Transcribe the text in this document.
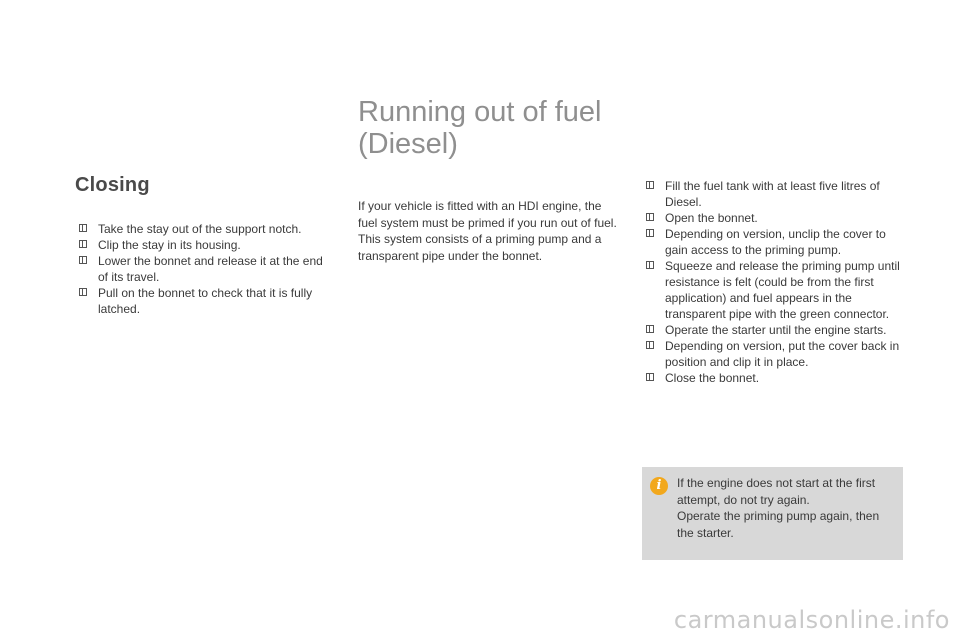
Closing
Take the stay out of the support notch.
Clip the stay in its housing.
Lower the bonnet and release it at the end of its travel.
Pull on the bonnet to check that it is fully latched.
Running out of fuel
(Diesel)

If your vehicle is fitted with an HDI engine, the fuel system must be primed if you run out of fuel.

This system consists of a priming pump and a transparent pipe under the bonnet.

Fill the fuel tank with at least five litres of Diesel.
Open the bonnet.
Depending on version, unclip the cover to gain access to the priming pump.
Squeeze and release the priming pump until resistance is felt (could be from the first application) and fuel appears in the transparent pipe with the green connector.
Operate the starter until the engine starts.
Depending on version, put the cover back in position and clip it in place.
Close the bonnet.
i	If the engine does not start at the first attempt, do not try again.

Operate the priming pump again, then the starter.

carmanualsonline.info
